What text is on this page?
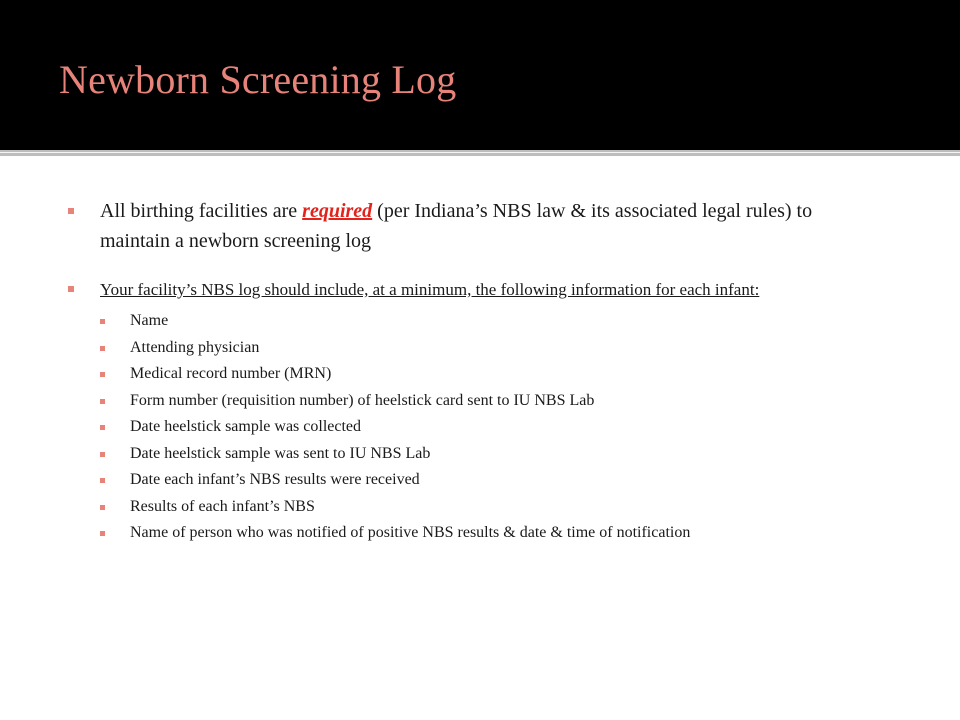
Newborn Screening Log
All birthing facilities are required (per Indiana’s NBS law & its associated legal rules) to maintain a newborn screening log
Your facility’s NBS log should include, at a minimum, the following information for each infant:
Name
Attending physician
Medical record number (MRN)
Form number (requisition number) of heelstick card sent to IU NBS Lab
Date heelstick sample was collected
Date heelstick sample was sent to IU NBS Lab
Date each infant’s NBS results were received
Results of each infant’s NBS
Name of person who was notified of positive NBS results & date & time of notification
